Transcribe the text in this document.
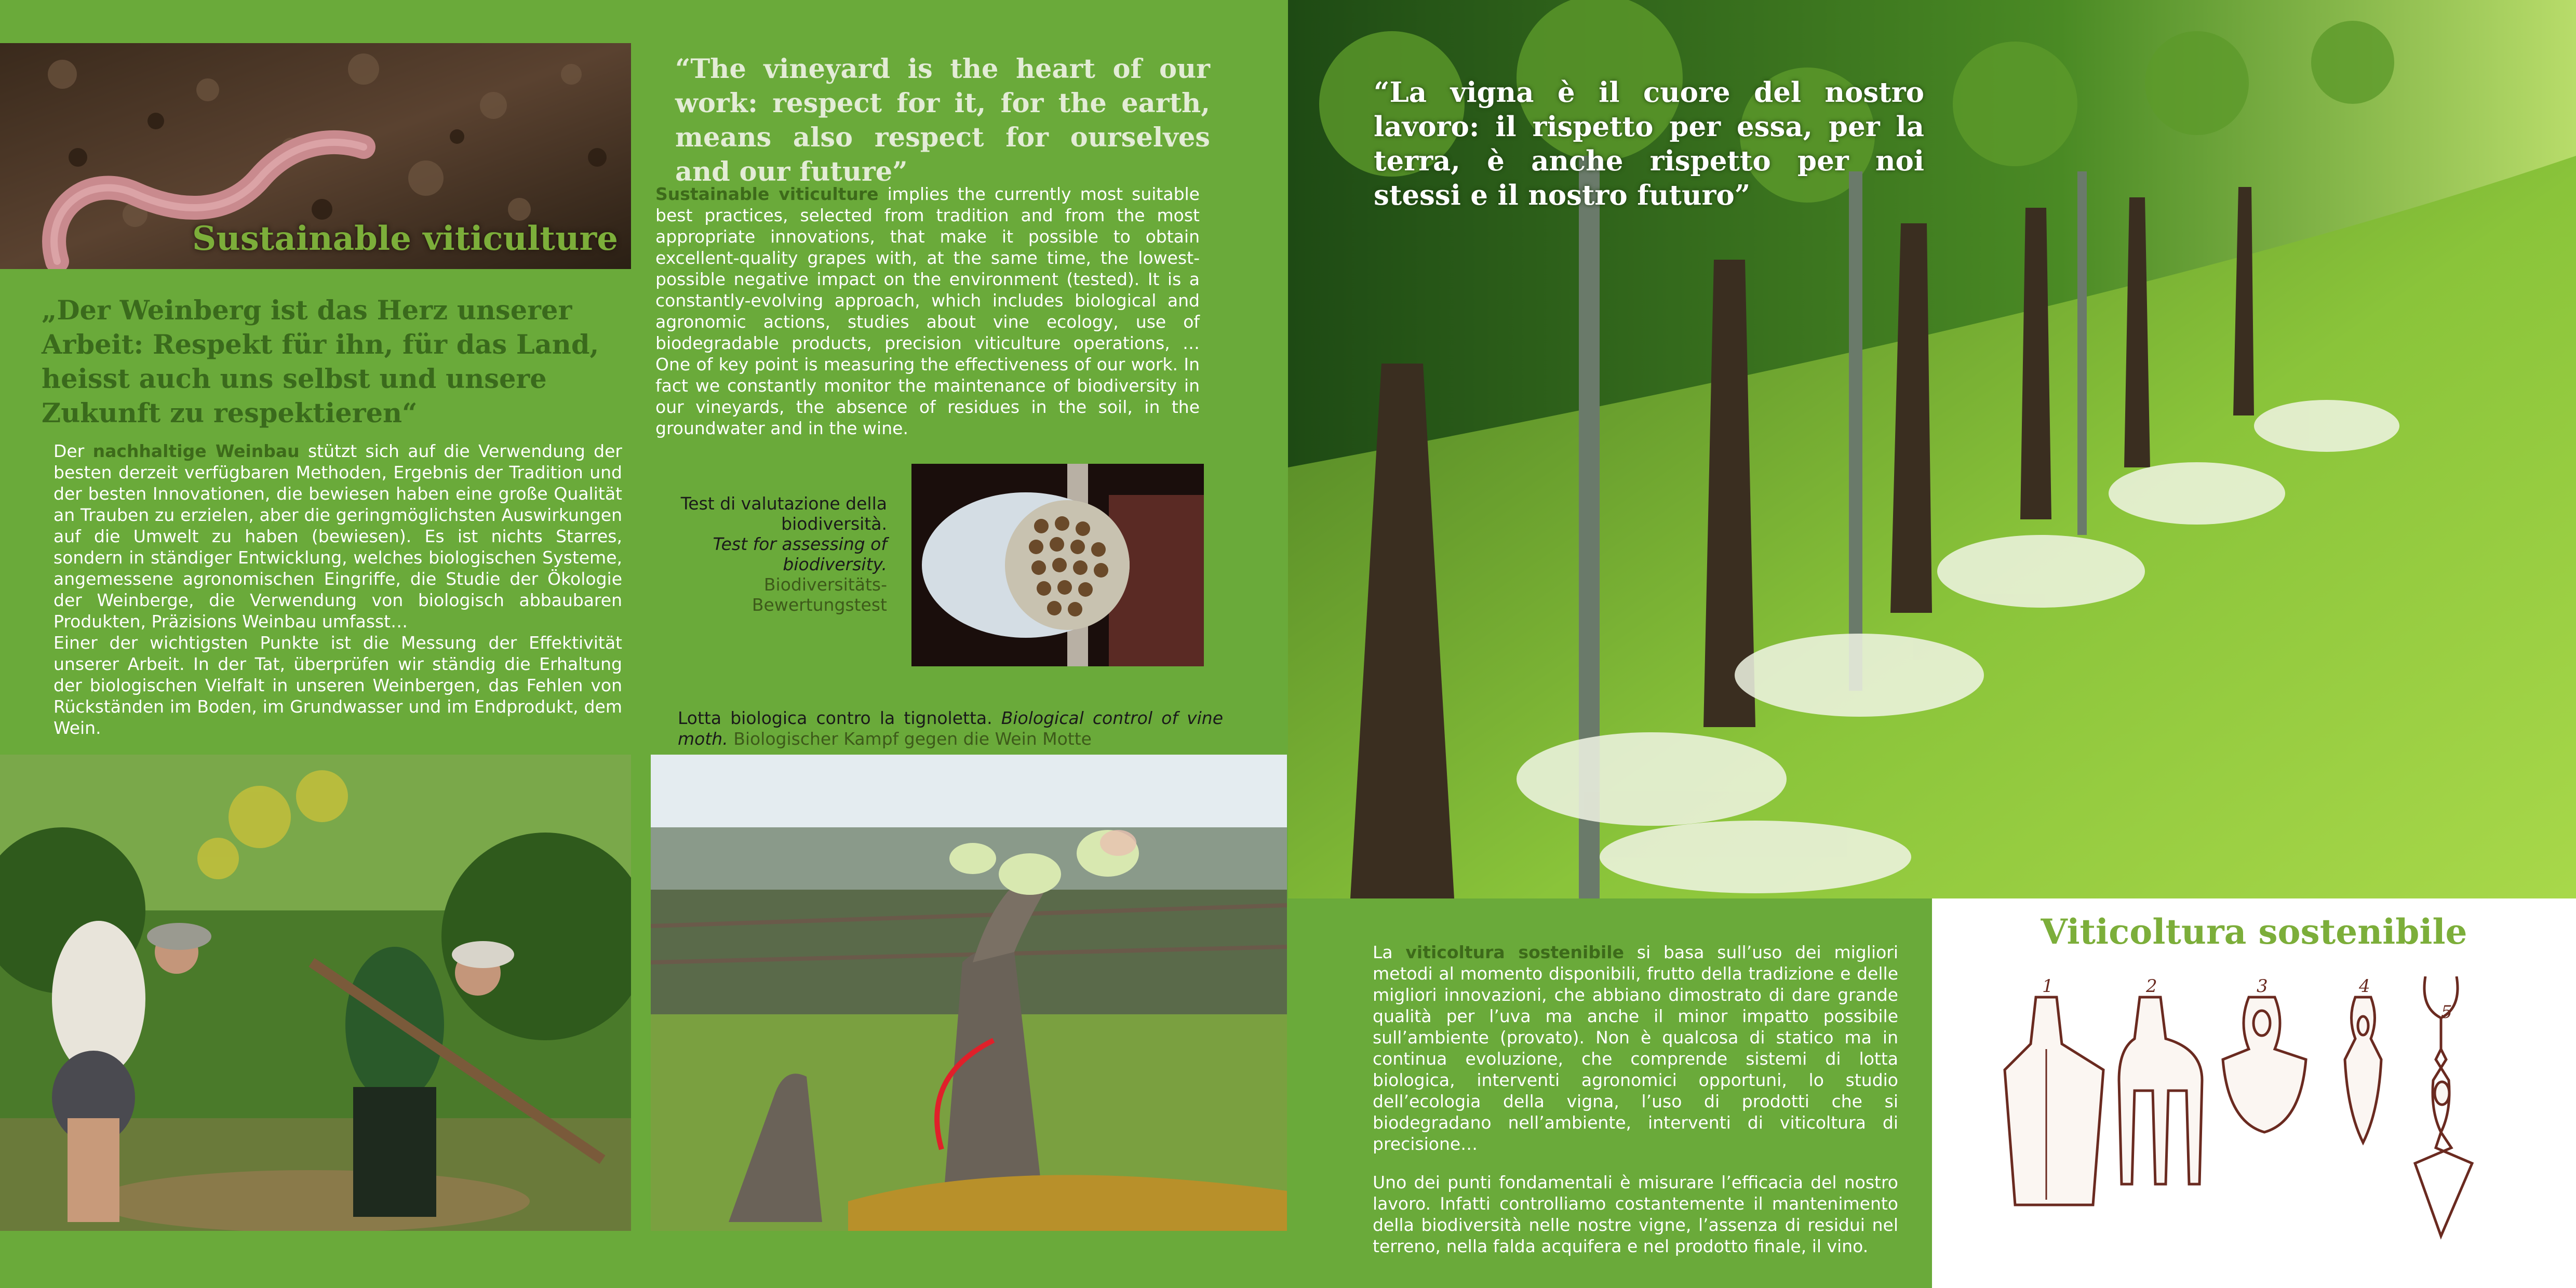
Sustainable viticulture
„Der Weinberg ist das Herz unserer Arbeit: Respekt für ihn, für das Land, heisst auch uns selbst und unsere Zukunft zu respektieren“
Der nachhaltige Weinbau stützt sich auf die Verwendung der besten derzeit verfügbaren Methoden, Ergebnis der Tradition und der besten Innovationen, die bewiesen haben eine große Qualität an Trauben zu erzielen, aber die geringmöglichsten Auswirkungen auf die Umwelt zu haben (bewiesen). Es ist nichts Starres, sondern in ständiger Entwicklung, welches biologischen Systeme, angemessene agronomischen Eingriffe, die Studie der Ökologie der Weinberge, die Verwendung von biologisch abbaubaren Produkten, Präzisions Weinbau umfasst…
Einer der wichtigsten Punkte ist die Messung der Effektivität unserer Arbeit. In der Tat, überprüfen wir ständig die Erhaltung der biologischen Vielfalt in unseren Weinbergen, das Fehlen von Rückständen im Boden, im Grundwasser und im Endprodukt, dem Wein.
“The vineyard is the heart of our work: respect for it, for the earth, means also respect for ourselves and our future”
Sustainable viticulture implies the currently most suitable best practices, selected from tradition and from the most appropriate innovations, that make it possible to obtain excellent-quality grapes with, at the same time, the lowest-possible negative impact on the environment (tested). It is a constantly-evolving approach, which includes biological and agronomic actions, studies about vine ecology, use of biodegradable products, precision viticulture operations, … One of key point is measuring the effectiveness of our work. In fact we constantly monitor the maintenance of biodiversity in our vineyards, the absence of residues in the soil, in the groundwater and in the wine.
Test di valutazione della biodiversità.
Test for assessing of biodiversity.
Biodiversitäts-Bewertungstest
Lotta biologica contro la tignoletta. Biological control of vine moth. Biologischer Kampf gegen die Wein Motte
“La vigna è il cuore del nostro lavoro: il rispetto per essa, per la terra, è anche rispetto per noi stessi e il nostro futuro”
La viticoltura sostenibile si basa sull’uso dei migliori metodi al momento disponibili, frutto della tradizione e delle migliori innovazioni, che abbiano dimostrato di dare grande qualità per l’uva ma anche il minor impatto possibile sull’ambiente (provato). Non è qualcosa di statico ma in continua evoluzione, che comprende sistemi di lotta biologica, interventi agronomici opportuni, lo studio dell’ecologia della vigna, l’uso di prodotti che si biodegradano nell’ambiente, interventi di viticoltura di precisione…
Uno dei punti fondamentali è misurare l’efficacia del nostro lavoro. Infatti controlliamo costantemente il mantenimento della biodiversità nelle nostre vigne, l’assenza di residui nel terreno, nella falda acquifera e nel prodotto finale, il vino.
Viticoltura sostenibile
1	2	3	4
5
